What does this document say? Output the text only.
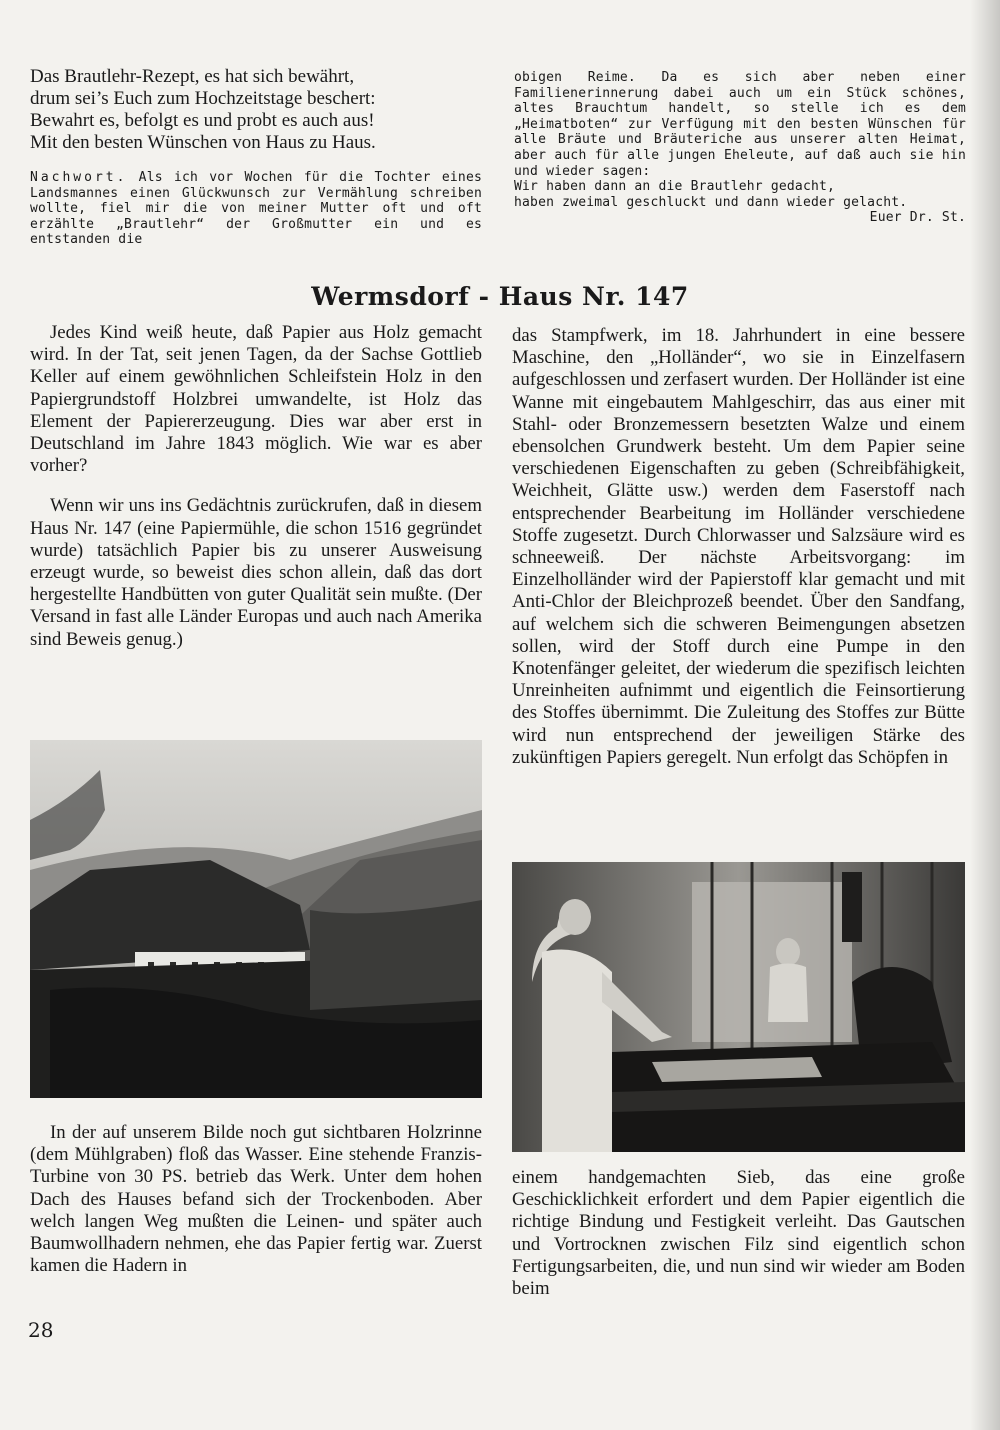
Das Brautlehr-Rezept, es hat sich bewährt,

drum sei’s Euch zum Hochzeitstage beschert:

Bewahrt es, befolgt es und probt es auch aus!

Mit den besten Wünschen von Haus zu Haus.

Nachwort. Als ich vor Wochen für die Tochter eines Landsmannes einen Glückwunsch zur Vermählung schreiben wollte, fiel mir die von meiner Mutter oft und oft erzählte „Brautlehr“ der Großmutter ein und es entstanden die

obigen Reime. Da es sich aber neben einer Familienerinnerung dabei auch um ein Stück schönes, altes Brauchtum handelt, so stelle ich es dem „Heimatboten“ zur Verfügung mit den besten Wünschen für alle Bräute und Bräuteriche aus unserer alten Heimat, aber auch für alle jungen Eheleute, auf daß auch sie hin und wieder sagen:

Wir haben dann an die Brautlehr gedacht,

haben zweimal geschluckt und dann wieder gelacht.

Euer Dr. St.

Wermsdorf - Haus Nr. 147

Jedes Kind weiß heute, daß Papier aus Holz gemacht wird. In der Tat, seit jenen Tagen, da der Sachse Gottlieb Keller auf einem gewöhnlichen Schleifstein Holz in den Papiergrundstoff Holzbrei umwandelte, ist Holz das Element der Papiererzeugung. Dies war aber erst in Deutschland im Jahre 1843 möglich. Wie war es aber vorher?

Wenn wir uns ins Gedächtnis zurückrufen, daß in diesem Haus Nr. 147 (eine Papiermühle, die schon 1516 gegründet wurde) tatsächlich Papier bis zu unserer Ausweisung erzeugt wurde, so beweist dies schon allein, daß das dort hergestellte Handbütten von guter Qualität sein mußte. (Der Versand in fast alle Länder Europas und auch nach Amerika sind Beweis genug.)

In der auf unserem Bilde noch gut sichtbaren Holzrinne (dem Mühlgraben) floß das Wasser. Eine stehende Franzis-Turbine von 30 PS. betrieb das Werk. Unter dem hohen Dach des Hauses befand sich der Trockenboden. Aber welch langen Weg mußten die Leinen- und später auch Baumwollhadern nehmen, ehe das Papier fertig war. Zuerst kamen die Hadern in

das Stampfwerk, im 18. Jahrhundert in eine bessere Maschine, den „Holländer“, wo sie in Einzelfasern aufgeschlossen und zerfasert wurden. Der Holländer ist eine Wanne mit eingebautem Mahlgeschirr, das aus einer mit Stahl- oder Bronzemessern besetzten Walze und einem ebensolchen Grundwerk besteht. Um dem Papier seine verschiedenen Eigenschaften zu geben (Schreibfähigkeit, Weichheit, Glätte usw.) werden dem Faserstoff nach entsprechender Bearbeitung im Holländer verschiedene Stoffe zugesetzt. Durch Chlorwasser und Salzsäure wird es schneeweiß. Der nächste Arbeitsvorgang: im Einzelholländer wird der Papierstoff klar gemacht und mit Anti-Chlor der Bleichprozeß beendet. Über den Sandfang, auf welchem sich die schweren Beimengungen absetzen sollen, wird der Stoff durch eine Pumpe in den Knotenfänger geleitet, der wiederum die spezifisch leichten Unreinheiten aufnimmt und eigentlich die Feinsortierung des Stoffes übernimmt. Die Zuleitung des Stoffes zur Bütte wird nun entsprechend der jeweiligen Stärke des zukünftigen Papiers geregelt. Nun erfolgt das Schöpfen in

einem handgemachten Sieb, das eine große Geschicklichkeit erfordert und dem Papier eigentlich die richtige Bindung und Festigkeit verleiht. Das Gautschen und Vortrocknen zwischen Filz sind eigentlich schon Fertigungsarbeiten, die, und nun sind wir wieder am Boden beim

28
